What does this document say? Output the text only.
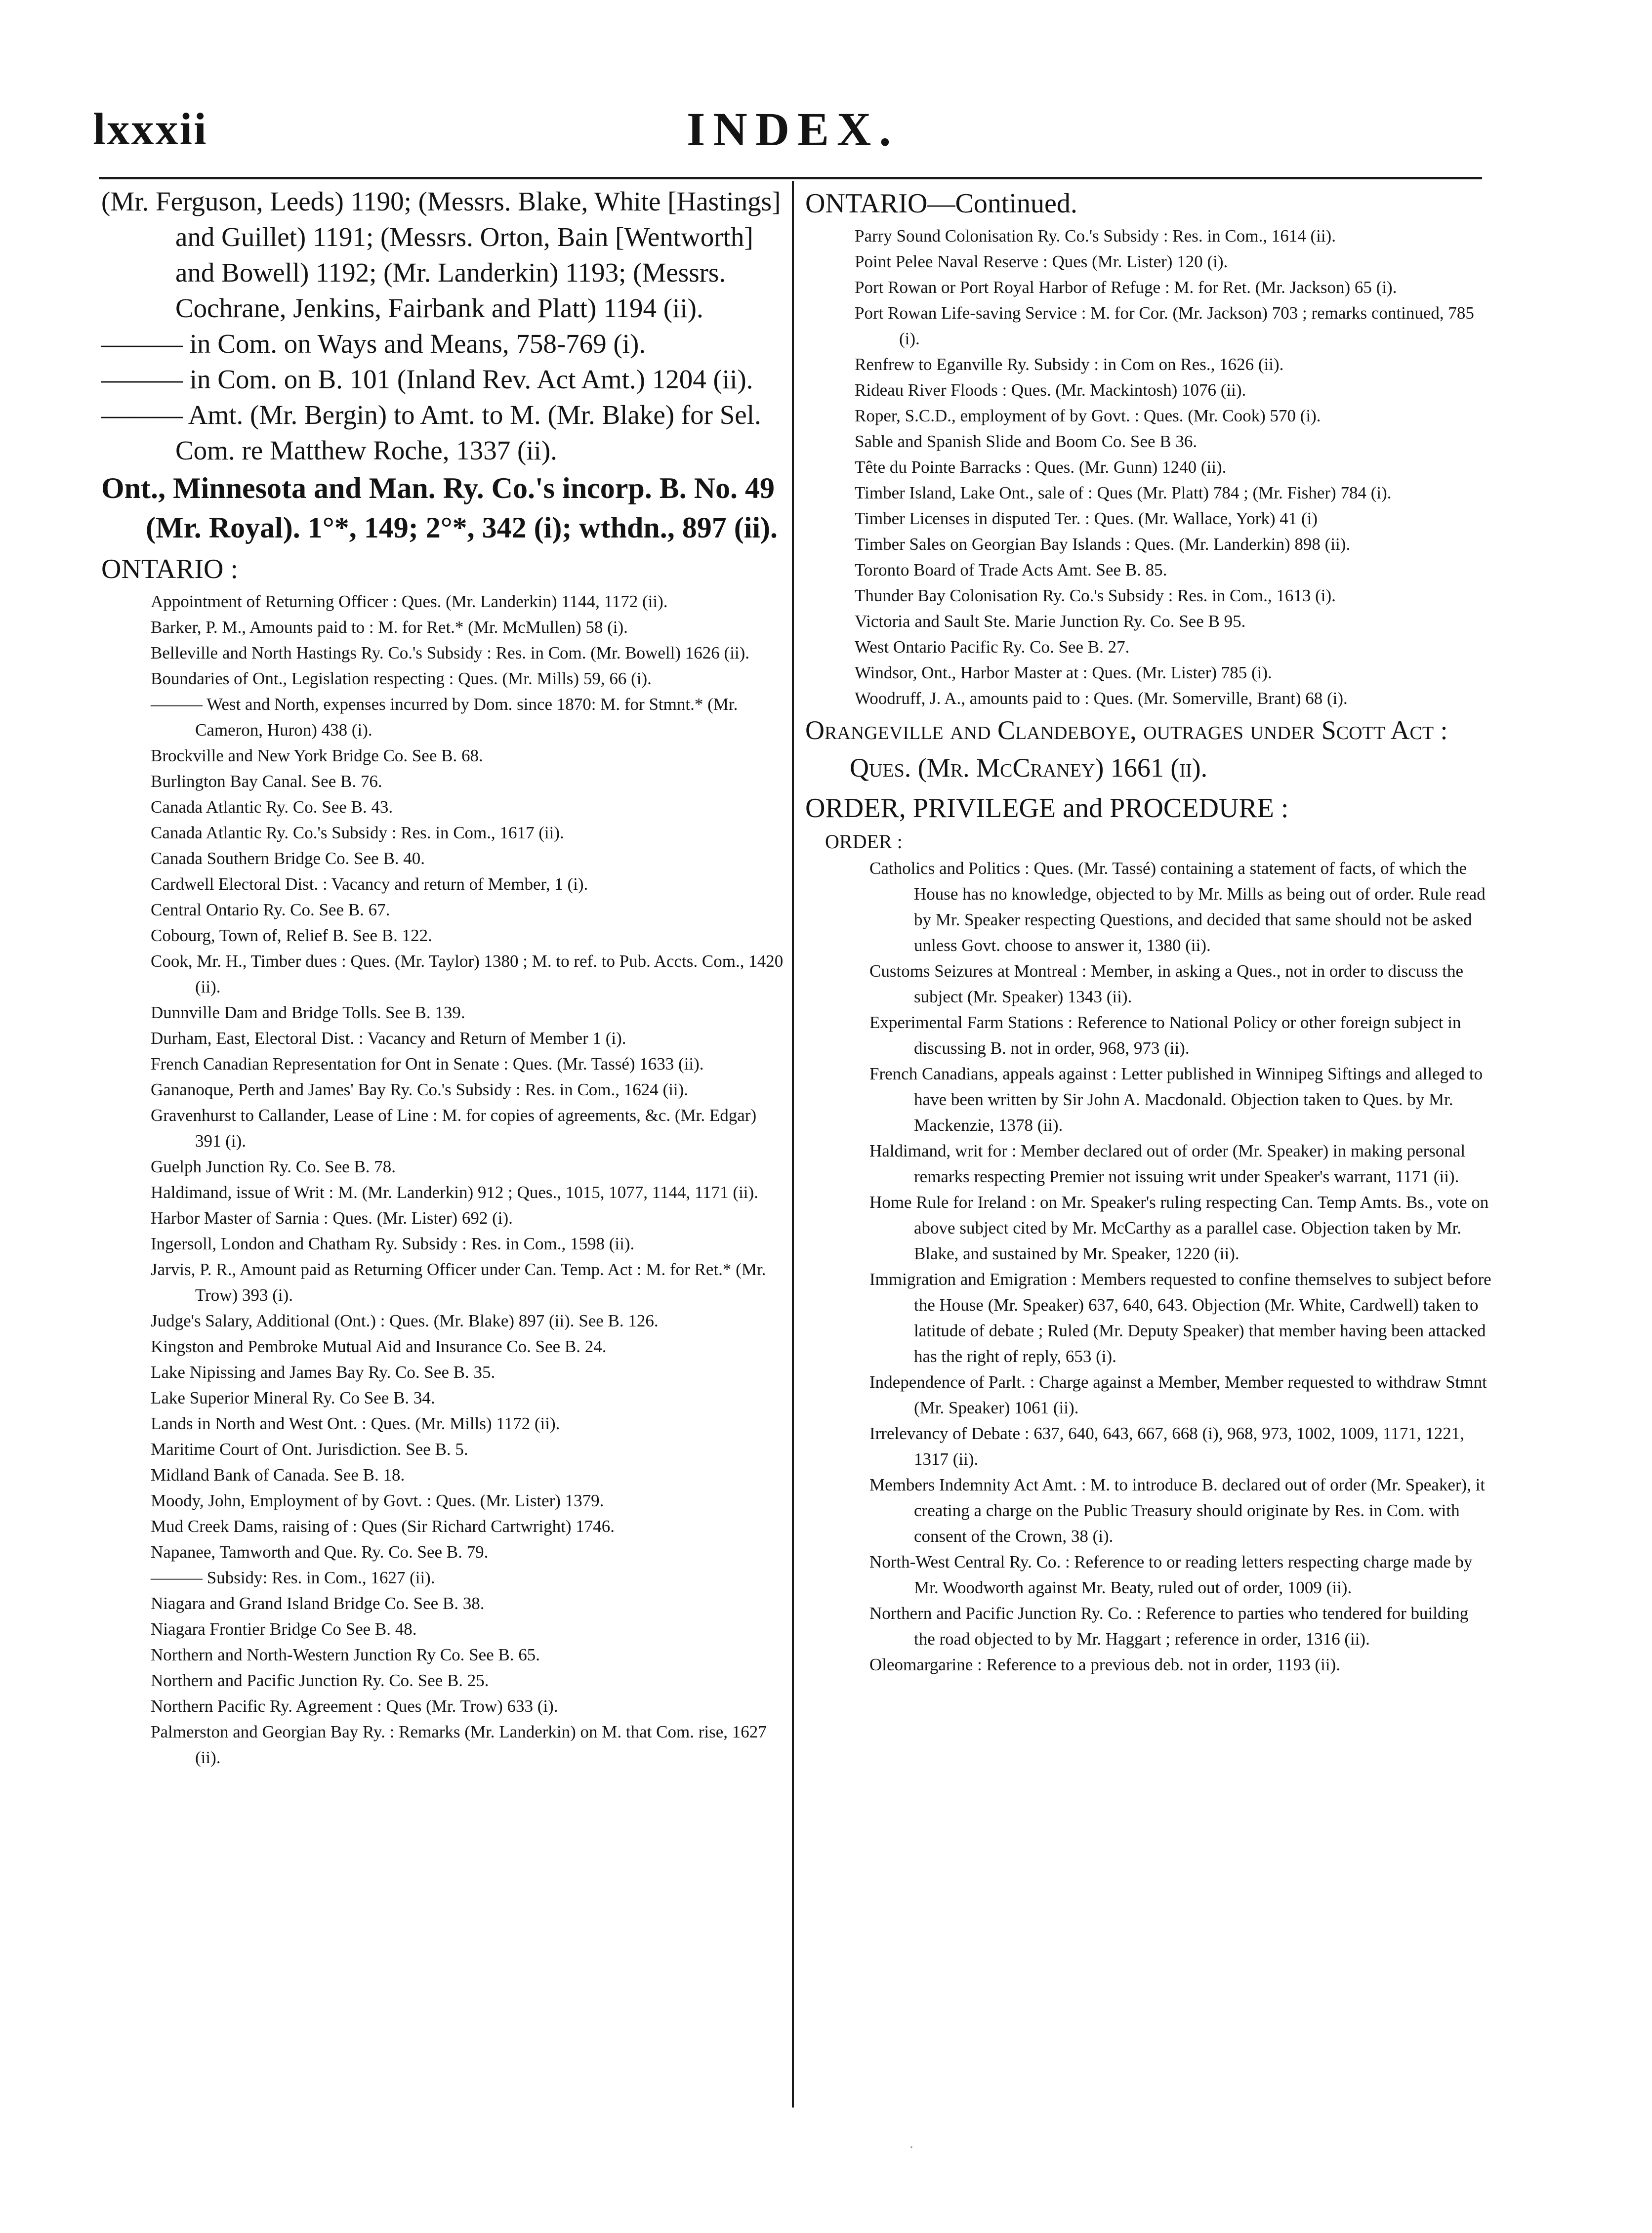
lxxxii	INDEX.
(Mr. Ferguson, Leeds) 1190; (Messrs. Blake, White [Hastings] and Guillet) 1191; (Messrs. Orton, Bain [Wentworth] and Bowell) 1192; (Mr. Landerkin) 1193; (Messrs. Cochrane, Jenkins, Fairbank and Platt) 1194 (ii).
——— in Com. on Ways and Means, 758-769 (i).
——— in Com. on B. 101 (Inland Rev. Act Amt.) 1204 (ii).
——— Amt. (Mr. Bergin) to Amt. to M. (Mr. Blake) for Sel. Com. re Matthew Roche, 1337 (ii).
Ont., Minnesota and Man. Ry. Co.'s incorp. B. No. 49 (Mr. Royal). 1°*, 149; 2°*, 342 (i); wthdn., 897 (ii).
ONTARIO :
Appointment of Returning Officer : Ques. (Mr. Landerkin) 1144, 1172 (ii).
Barker, P. M., Amounts paid to : M. for Ret.* (Mr. McMullen) 58 (i).
Belleville and North Hastings Ry. Co.'s Subsidy : Res. in Com. (Mr. Bowell) 1626 (ii).
Boundaries of Ont., Legislation respecting : Ques. (Mr. Mills) 59, 66 (i).
——— West and North, expenses incurred by Dom. since 1870: M. for Stmnt.* (Mr. Cameron, Huron) 438 (i).
Brockville and New York Bridge Co. See B. 68.
Burlington Bay Canal. See B. 76.
Canada Atlantic Ry. Co. See B. 43.
Canada Atlantic Ry. Co.'s Subsidy : Res. in Com., 1617 (ii).
Canada Southern Bridge Co. See B. 40.
Cardwell Electoral Dist. : Vacancy and return of Member, 1 (i).
Central Ontario Ry. Co. See B. 67.
Cobourg, Town of, Relief B. See B. 122.
Cook, Mr. H., Timber dues : Ques. (Mr. Taylor) 1380 ; M. to ref. to Pub. Accts. Com., 1420 (ii).
Dunnville Dam and Bridge Tolls. See B. 139.
Durham, East, Electoral Dist. : Vacancy and Return of Member 1 (i).
French Canadian Representation for Ont in Senate : Ques. (Mr. Tassé) 1633 (ii).
Gananoque, Perth and James' Bay Ry. Co.'s Subsidy : Res. in Com., 1624 (ii).
Gravenhurst to Callander, Lease of Line : M. for copies of agreements, &c. (Mr. Edgar) 391 (i).
Guelph Junction Ry. Co. See B. 78.
Haldimand, issue of Writ : M. (Mr. Landerkin) 912 ; Ques., 1015, 1077, 1144, 1171 (ii).
Harbor Master of Sarnia : Ques. (Mr. Lister) 692 (i).
Ingersoll, London and Chatham Ry. Subsidy : Res. in Com., 1598 (ii).
Jarvis, P. R., Amount paid as Returning Officer under Can. Temp. Act : M. for Ret.* (Mr. Trow) 393 (i).
Judge's Salary, Additional (Ont.) : Ques. (Mr. Blake) 897 (ii). See B. 126.
Kingston and Pembroke Mutual Aid and Insurance Co. See B. 24.
Lake Nipissing and James Bay Ry. Co. See B. 35.
Lake Superior Mineral Ry. Co See B. 34.
Lands in North and West Ont. : Ques. (Mr. Mills) 1172 (ii).
Maritime Court of Ont. Jurisdiction. See B. 5.
Midland Bank of Canada. See B. 18.
Moody, John, Employment of by Govt. : Ques. (Mr. Lister) 1379.
Mud Creek Dams, raising of : Ques (Sir Richard Cartwright) 1746.
Napanee, Tamworth and Que. Ry. Co. See B. 79.
——— Subsidy: Res. in Com., 1627 (ii).
Niagara and Grand Island Bridge Co. See B. 38.
Niagara Frontier Bridge Co See B. 48.
Northern and North-Western Junction Ry Co. See B. 65.
Northern and Pacific Junction Ry. Co. See B. 25.
Northern Pacific Ry. Agreement : Ques (Mr. Trow) 633 (i).
Palmerston and Georgian Bay Ry. : Remarks (Mr. Landerkin) on M. that Com. rise, 1627 (ii).
ONTARIO—Continued.
Parry Sound Colonisation Ry. Co.'s Subsidy : Res. in Com., 1614 (ii).
Point Pelee Naval Reserve : Ques (Mr. Lister) 120 (i).
Port Rowan or Port Royal Harbor of Refuge : M. for Ret. (Mr. Jackson) 65 (i).
Port Rowan Life-saving Service : M. for Cor. (Mr. Jackson) 703 ; remarks continued, 785 (i).
Renfrew to Eganville Ry. Subsidy : in Com on Res., 1626 (ii).
Rideau River Floods : Ques. (Mr. Mackintosh) 1076 (ii).
Roper, S.C.D., employment of by Govt. : Ques. (Mr. Cook) 570 (i).
Sable and Spanish Slide and Boom Co. See B 36.
Tête du Pointe Barracks : Ques. (Mr. Gunn) 1240 (ii).
Timber Island, Lake Ont., sale of : Ques (Mr. Platt) 784 ; (Mr. Fisher) 784 (i).
Timber Licenses in disputed Ter. : Ques. (Mr. Wallace, York) 41 (i)
Timber Sales on Georgian Bay Islands : Ques. (Mr. Landerkin) 898 (ii).
Toronto Board of Trade Acts Amt. See B. 85.
Thunder Bay Colonisation Ry. Co.'s Subsidy : Res. in Com., 1613 (i).
Victoria and Sault Ste. Marie Junction Ry. Co. See B 95.
West Ontario Pacific Ry. Co. See B. 27.
Windsor, Ont., Harbor Master at : Ques. (Mr. Lister) 785 (i).
Woodruff, J. A., amounts paid to : Ques. (Mr. Somerville, Brant) 68 (i).
Orangeville and Clandeboye, outrages under Scott Act : Ques. (Mr. McCraney) 1661 (ii).
ORDER, PRIVILEGE and PROCEDURE :
ORDER :
Catholics and Politics : Ques. (Mr. Tassé) containing a statement of facts, of which the House has no knowledge, objected to by Mr. Mills as being out of order. Rule read by Mr. Speaker respecting Questions, and decided that same should not be asked unless Govt. choose to answer it, 1380 (ii).
Customs Seizures at Montreal : Member, in asking a Ques., not in order to discuss the subject (Mr. Speaker) 1343 (ii).
Experimental Farm Stations : Reference to National Policy or other foreign subject in discussing B. not in order, 968, 973 (ii).
French Canadians, appeals against : Letter published in Winnipeg Siftings and alleged to have been written by Sir John A. Macdonald. Objection taken to Ques. by Mr. Mackenzie, 1378 (ii).
Haldimand, writ for : Member declared out of order (Mr. Speaker) in making personal remarks respecting Premier not issuing writ under Speaker's warrant, 1171 (ii).
Home Rule for Ireland : on Mr. Speaker's ruling respecting Can. Temp Amts. Bs., vote on above subject cited by Mr. McCarthy as a parallel case. Objection taken by Mr. Blake, and sustained by Mr. Speaker, 1220 (ii).
Immigration and Emigration : Members requested to confine themselves to subject before the House (Mr. Speaker) 637, 640, 643. Objection (Mr. White, Cardwell) taken to latitude of debate ; Ruled (Mr. Deputy Speaker) that member having been attacked has the right of reply, 653 (i).
Independence of Parlt. : Charge against a Member, Member requested to withdraw Stmnt (Mr. Speaker) 1061 (ii).
Irrelevancy of Debate : 637, 640, 643, 667, 668 (i), 968, 973, 1002, 1009, 1171, 1221, 1317 (ii).
Members Indemnity Act Amt. : M. to introduce B. declared out of order (Mr. Speaker), it creating a charge on the Public Treasury should originate by Res. in Com. with consent of the Crown, 38 (i).
North-West Central Ry. Co. : Reference to or reading letters respecting charge made by Mr. Woodworth against Mr. Beaty, ruled out of order, 1009 (ii).
Northern and Pacific Junction Ry. Co. : Reference to parties who tendered for building the road objected to by Mr. Haggart ; reference in order, 1316 (ii).
Oleomargarine : Reference to a previous deb. not in order, 1193 (ii).
·
